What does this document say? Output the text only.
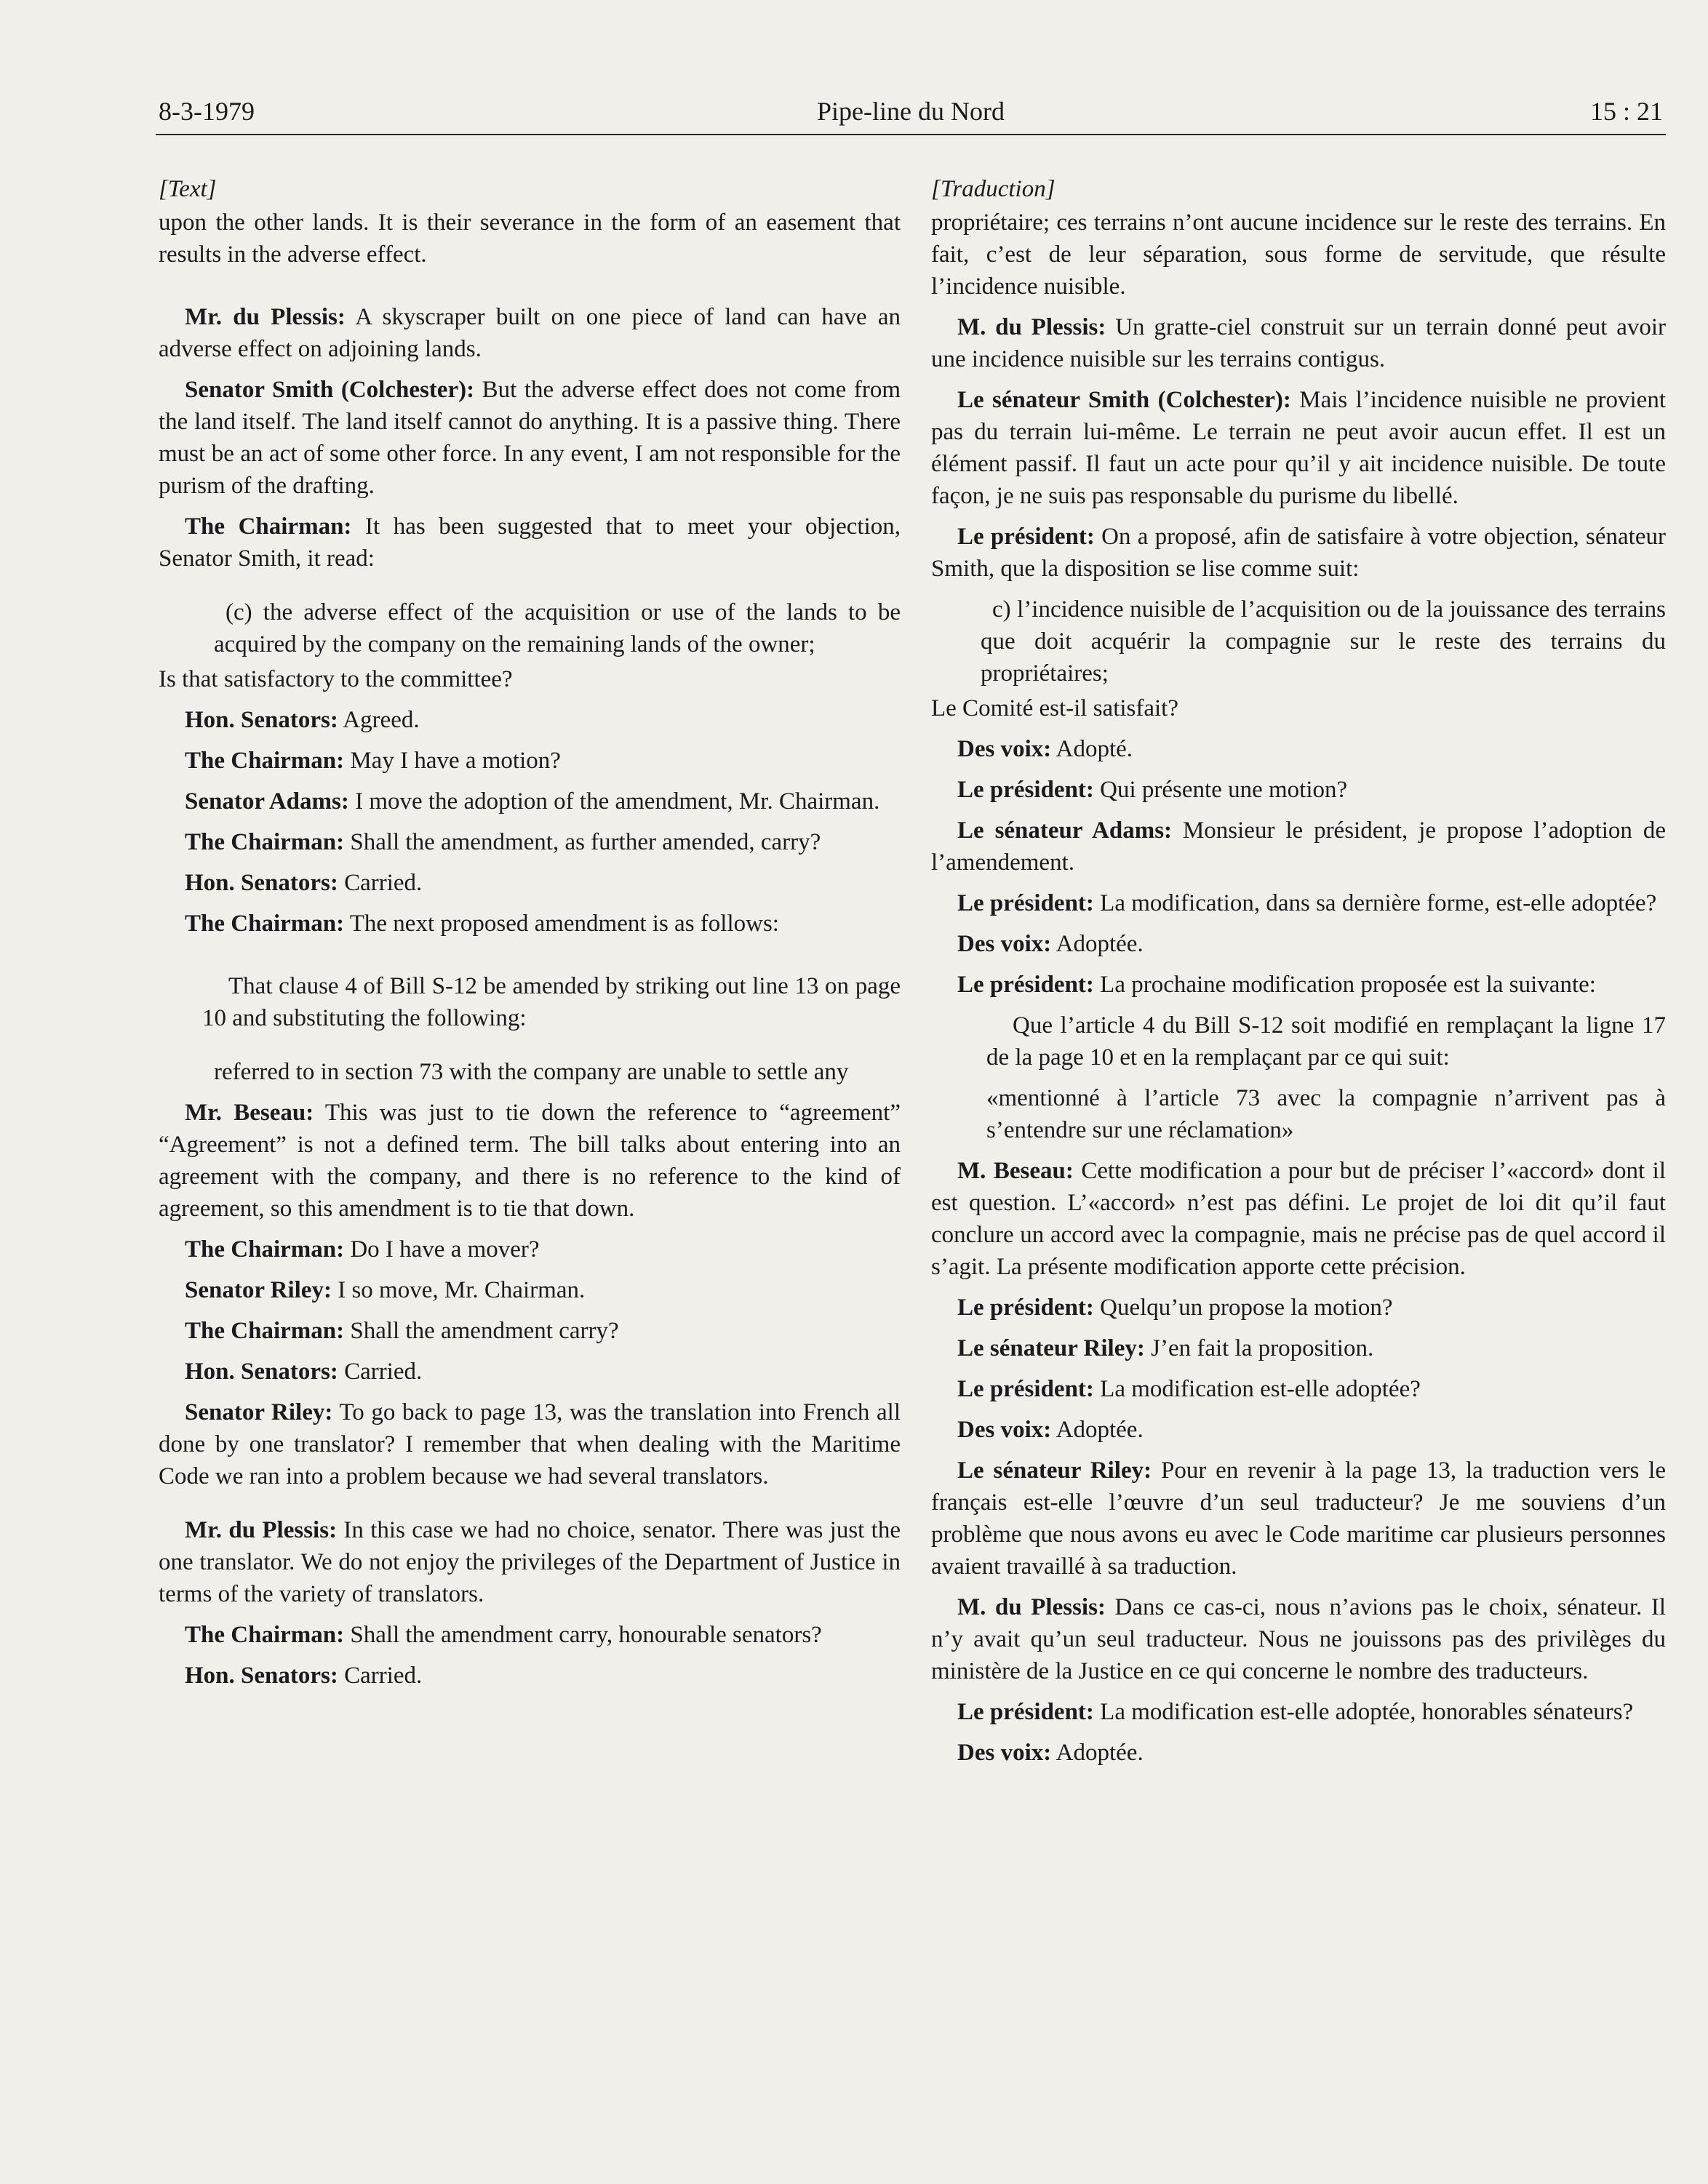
8-3-1979	Pipe-line du Nord	15 : 21

[Text]

upon the other lands. It is their severance in the form of an easement that results in the adverse effect.

Mr. du Plessis: A skyscraper built on one piece of land can have an adverse effect on adjoining lands.

Senator Smith (Colchester): But the adverse effect does not come from the land itself. The land itself cannot do anything. It is a passive thing. There must be an act of some other force. In any event, I am not responsible for the purism of the drafting.

The Chairman: It has been suggested that to meet your objection, Senator Smith, it read:

(c) the adverse effect of the acquisition or use of the lands to be acquired by the company on the remaining lands of the owner;

Is that satisfactory to the committee?

Hon. Senators: Agreed.

The Chairman: May I have a motion?

Senator Adams: I move the adoption of the amendment, Mr. Chairman.

The Chairman: Shall the amendment, as further amended, carry?

Hon. Senators: Carried.

The Chairman: The next proposed amendment is as follows:

That clause 4 of Bill S-12 be amended by striking out line 13 on page 10 and substituting the following:

referred to in section 73 with the company are unable to settle any

Mr. Beseau: This was just to tie down the reference to “agreement” “Agreement” is not a defined term. The bill talks about entering into an agreement with the company, and there is no reference to the kind of agreement, so this amendment is to tie that down.

The Chairman: Do I have a mover?

Senator Riley: I so move, Mr. Chairman.

The Chairman: Shall the amendment carry?

Hon. Senators: Carried.

Senator Riley: To go back to page 13, was the translation into French all done by one translator? I remember that when dealing with the Maritime Code we ran into a problem because we had several translators.

Mr. du Plessis: In this case we had no choice, senator. There was just the one translator. We do not enjoy the privileges of the Department of Justice in terms of the variety of translators.

The Chairman: Shall the amendment carry, honourable senators?

Hon. Senators: Carried.

[Traduction]

propriétaire; ces terrains n’ont aucune incidence sur le reste des terrains. En fait, c’est de leur séparation, sous forme de servitude, que résulte l’incidence nuisible.

M. du Plessis: Un gratte-ciel construit sur un terrain donné peut avoir une incidence nuisible sur les terrains contigus.

Le sénateur Smith (Colchester): Mais l’incidence nuisible ne provient pas du terrain lui-même. Le terrain ne peut avoir aucun effet. Il est un élément passif. Il faut un acte pour qu’il y ait incidence nuisible. De toute façon, je ne suis pas responsable du purisme du libellé.

Le président: On a proposé, afin de satisfaire à votre objection, sénateur Smith, que la disposition se lise comme suit:

c) l’incidence nuisible de l’acquisition ou de la jouissance des terrains que doit acquérir la compagnie sur le reste des terrains du propriétaires;

Le Comité est-il satisfait?

Des voix: Adopté.

Le président: Qui présente une motion?

Le sénateur Adams: Monsieur le président, je propose l’adoption de l’amendement.

Le président: La modification, dans sa dernière forme, est-elle adoptée?

Des voix: Adoptée.

Le président: La prochaine modification proposée est la suivante:

Que l’article 4 du Bill S-12 soit modifié en remplaçant la ligne 17 de la page 10 et en la remplaçant par ce qui suit:

«mentionné à l’article 73 avec la compagnie n’arrivent pas à s’entendre sur une réclamation»

M. Beseau: Cette modification a pour but de préciser l’«accord» dont il est question. L’«accord» n’est pas défini. Le projet de loi dit qu’il faut conclure un accord avec la compagnie, mais ne précise pas de quel accord il s’agit. La présente modification apporte cette précision.

Le président: Quelqu’un propose la motion?

Le sénateur Riley: J’en fait la proposition.

Le président: La modification est-elle adoptée?

Des voix: Adoptée.

Le sénateur Riley: Pour en revenir à la page 13, la traduction vers le français est-elle l’œuvre d’un seul traducteur? Je me souviens d’un problème que nous avons eu avec le Code maritime car plusieurs personnes avaient travaillé à sa traduction.

M. du Plessis: Dans ce cas-ci, nous n’avions pas le choix, sénateur. Il n’y avait qu’un seul traducteur. Nous ne jouissons pas des privilèges du ministère de la Justice en ce qui concerne le nombre des traducteurs.

Le président: La modification est-elle adoptée, honorables sénateurs?

Des voix: Adoptée.
